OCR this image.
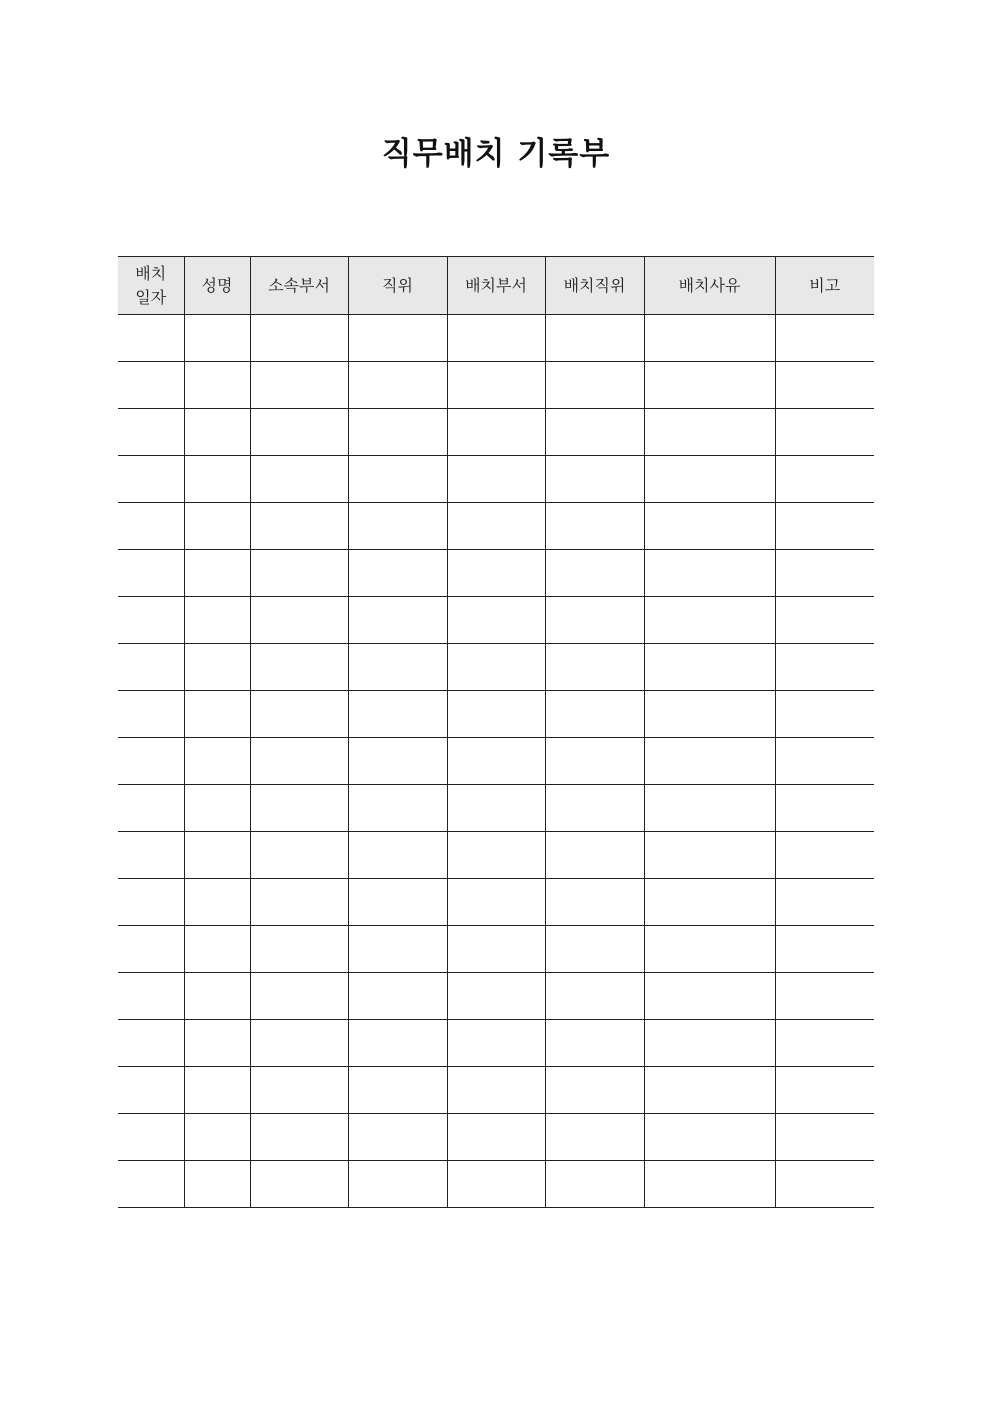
직무배치 기록부
배치
일자	성명	소속부서	직위	배치부서	배치직위	배치사유	비고
